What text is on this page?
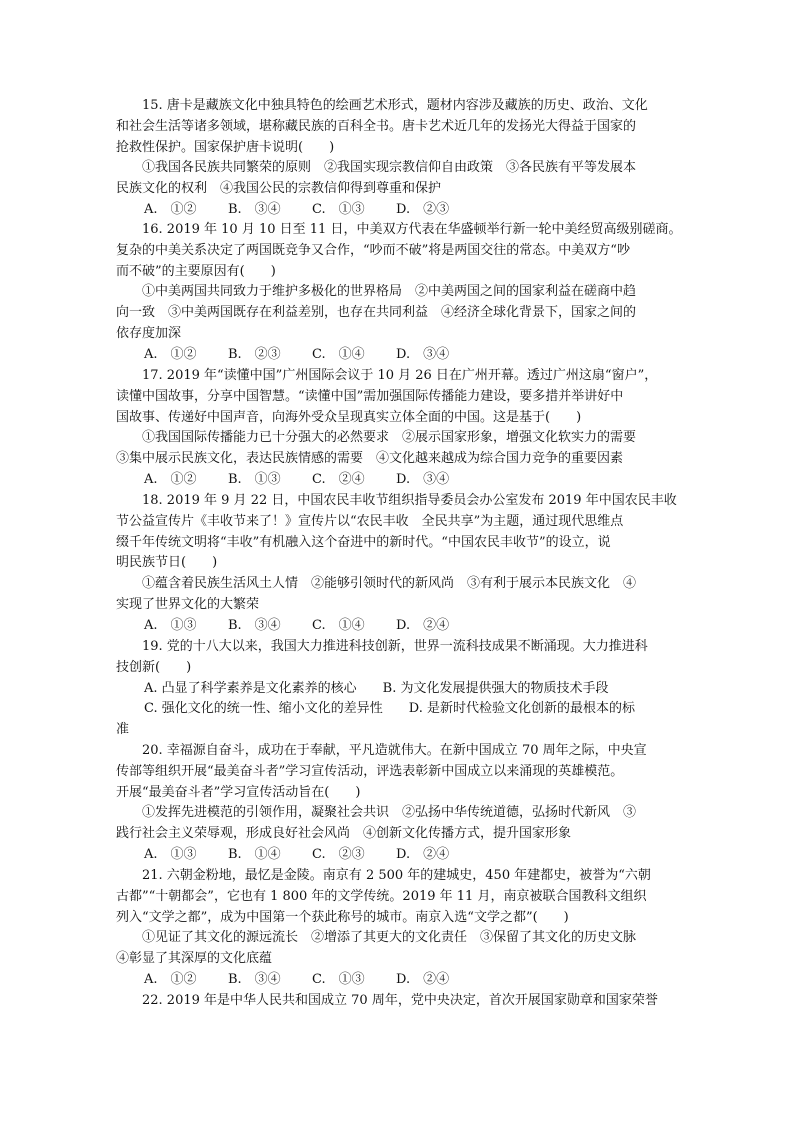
15. 唐卡是藏族文化中独具特色的绘画艺术形式，题材内容涉及藏族的历史、政治、文化
和社会生活等诸多领域，堪称藏民族的百科全书。唐卡艺术近几年的发扬光大得益于国家的
抢救性保护。国家保护唐卡说明(　　)
①我国各民族共同繁荣的原则　②我国实现宗教信仰自由政策　③各民族有平等发展本
民族文化的权利　④我国公民的宗教信仰得到尊重和保护
A.　①② B.　③④ C.　①③ D.　②③
16. 2019 年 10 月 10 日至 11 日，中美双方代表在华盛顿举行新一轮中美经贸高级别磋商。
复杂的中美关系决定了两国既竞争又合作，“吵而不破”将是两国交往的常态。中美双方“吵
而不破”的主要原因有(　　)
①中美两国共同致力于维护多极化的世界格局　②中美两国之间的国家利益在磋商中趋
向一致　③中美两国既存在利益差别，也存在共同利益　④经济全球化背景下，国家之间的
依存度加深
A.　①② B.　②③ C.　①④ D.　③④
17. 2019 年“读懂中国”广州国际会议于 10 月 26 日在广州开幕。透过广州这扇“窗户”，
读懂中国故事，分享中国智慧。“读懂中国”需加强国际传播能力建设，要多措并举讲好中
国故事、传递好中国声音，向海外受众呈现真实立体全面的中国。这是基于(　　)
①我国国际传播能力已十分强大的必然要求　②展示国家形象，增强文化软实力的需要
③集中展示民族文化，表达民族情感的需要　④文化越来越成为综合国力竞争的重要因素
A.　①② B.　①③ C.　②④ D.　③④
18. 2019 年 9 月 22 日，中国农民丰收节组织指导委员会办公室发布 2019 年中国农民丰收
节公益宣传片《丰收节来了！》宣传片以“农民丰收　全民共享”为主题，通过现代思维点
缀千年传统文明将“丰收”有机融入这个奋进中的新时代。“中国农民丰收节”的设立，说
明民族节日(　　)
①蕴含着民族生活风土人情　②能够引领时代的新风尚　③有利于展示本民族文化　④
实现了世界文化的大繁荣
A.　①③ B.　③④ C.　①④ D.　②④
19. 党的十八大以来，我国大力推进科技创新，世界一流科技成果不断涌现。大力推进科
技创新(　　)
A. 凸显了科学素养是文化素养的核心　　B. 为文化发展提供强大的物质技术手段
C. 强化文化的统一性、缩小文化的差异性　　D. 是新时代检验文化创新的最根本的标
准
20. 幸福源自奋斗，成功在于奉献，平凡造就伟大。在新中国成立 70 周年之际，中央宣
传部等组织开展“最美奋斗者”学习宣传活动，评选表彰新中国成立以来涌现的英雄模范。
开展“最美奋斗者”学习宣传活动旨在(　　)
①发挥先进模范的引领作用，凝聚社会共识　②弘扬中华传统道德，弘扬时代新风　③
践行社会主义荣辱观，形成良好社会风尚　④创新文化传播方式，提升国家形象
A.　①③ B.　①④ C.　②③ D.　②④
21. 六朝金粉地，最忆是金陵。南京有 2 500 年的建城史，450 年建都史，被誉为“六朝
古都”“十朝都会”，它也有 1 800 年的文学传统。2019 年 11 月，南京被联合国教科文组织
列入“文学之都”，成为中国第一个获此称号的城市。南京入选“文学之都”(　　)
①见证了其文化的源远流长　②增添了其更大的文化责任　③保留了其文化的历史文脉
④彰显了其深厚的文化底蕴
A.　①② B.　③④ C.　①③ D.　②④
22. 2019 年是中华人民共和国成立 70 周年，党中央决定，首次开展国家勋章和国家荣誉
